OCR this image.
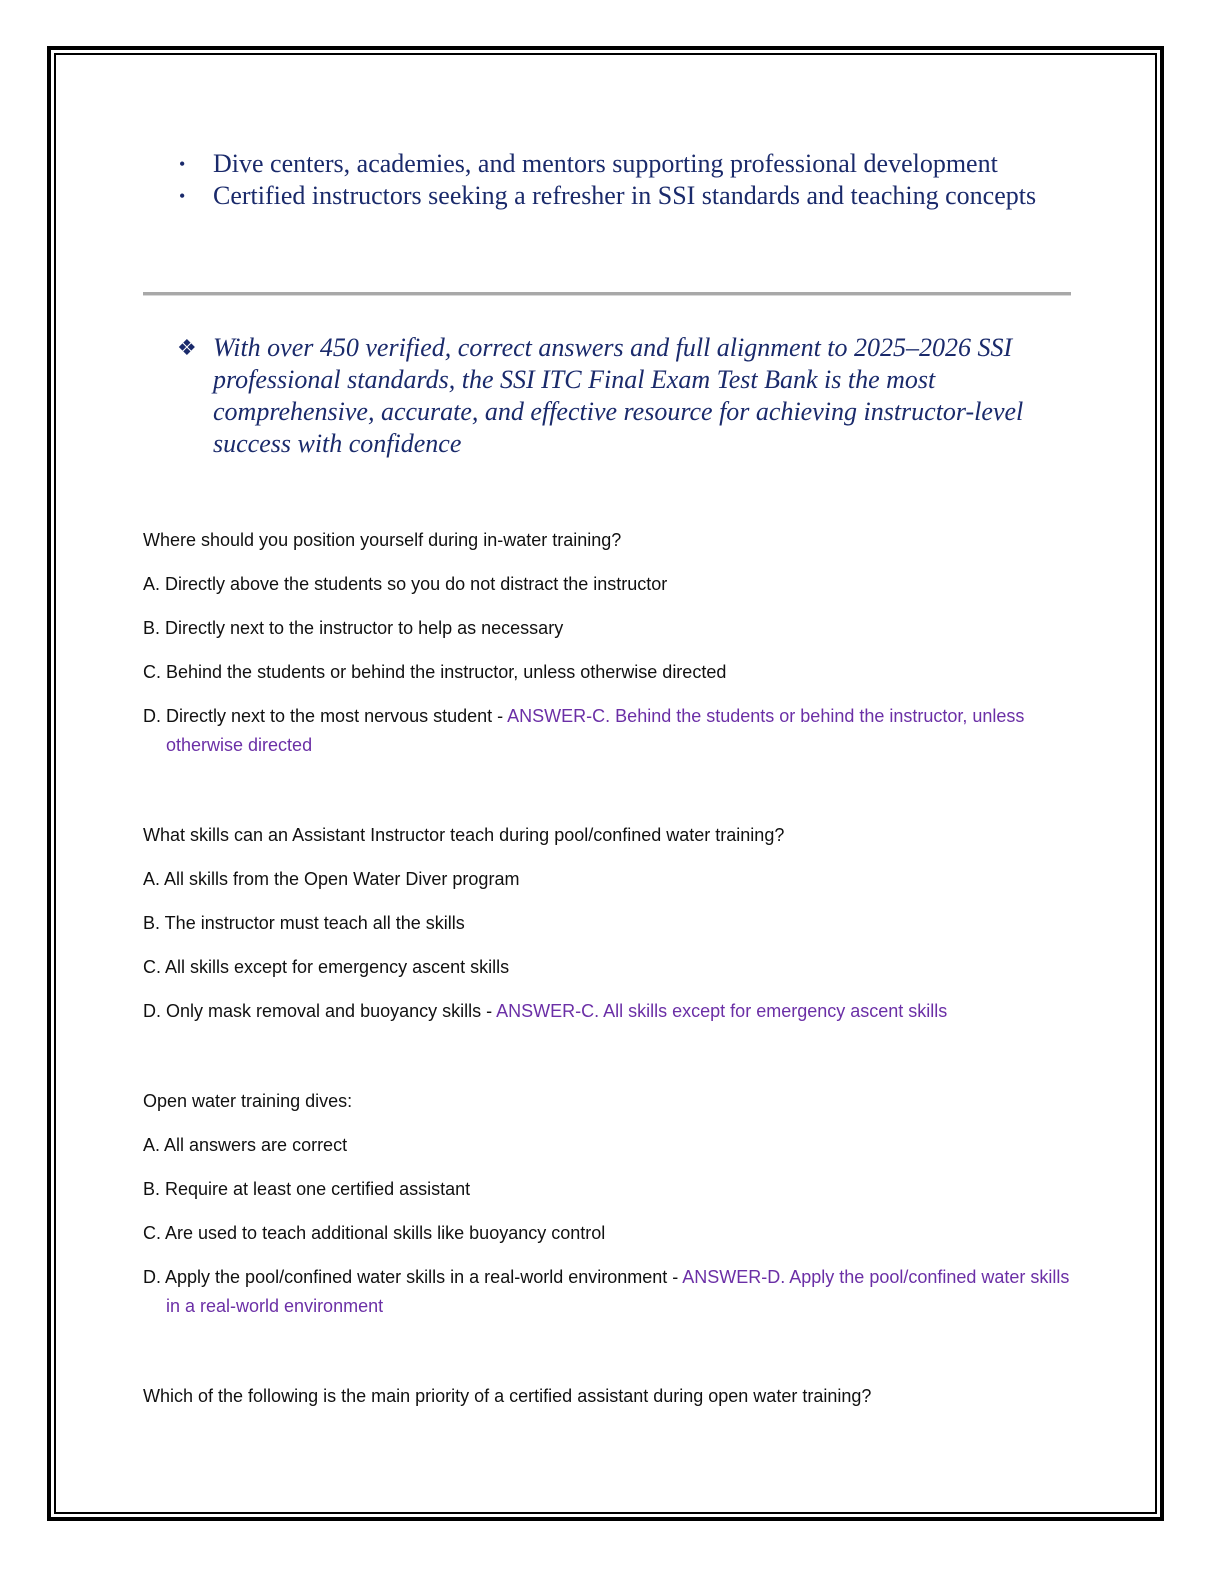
• Dive centers, academies, and mentors supporting professional development
• Certified instructors seeking a refresher in SSI standards and teaching concepts
❖ With over 450 verified, correct answers and full alignment to 2025–2026 SSI professional standards, the SSI ITC Final Exam Test Bank is the most comprehensive, accurate, and effective resource for achieving instructor-level success with confidence

Where should you position yourself during in-water training?

A. Directly above the students so you do not distract the instructor

B. Directly next to the instructor to help as necessary

C. Behind the students or behind the instructor, unless otherwise directed

D. Directly next to the most nervous student - ANSWER-C. Behind the students or behind the instructor, unless otherwise directed

What skills can an Assistant Instructor teach during pool/confined water training?

A. All skills from the Open Water Diver program

B. The instructor must teach all the skills

C. All skills except for emergency ascent skills

D. Only mask removal and buoyancy skills - ANSWER-C. All skills except for emergency ascent skills

Open water training dives:

A. All answers are correct

B. Require at least one certified assistant

C. Are used to teach additional skills like buoyancy control

D. Apply the pool/confined water skills in a real-world environment - ANSWER-D. Apply the pool/confined water skills in a real-world environment

Which of the following is the main priority of a certified assistant during open water training?
